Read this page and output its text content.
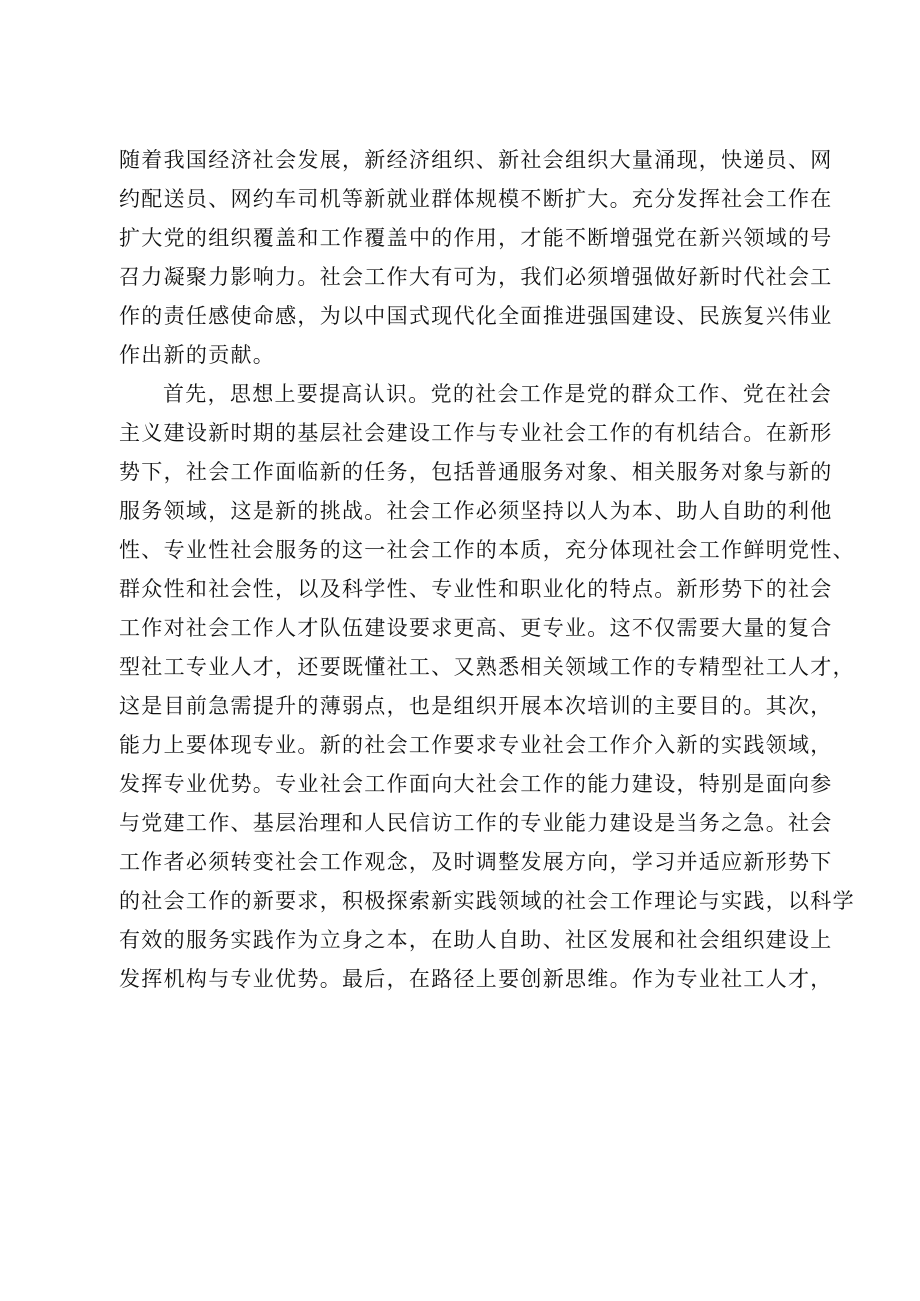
随着我国经济社会发展，新经济组织、新社会组织大量涌现，快递员、网
约配送员、网约车司机等新就业群体规模不断扩大。充分发挥社会工作在
扩大党的组织覆盖和工作覆盖中的作用，才能不断增强党在新兴领域的号
召力凝聚力影响力。社会工作大有可为，我们必须增强做好新时代社会工
作的责任感使命感，为以中国式现代化全面推进强国建设、民族复兴伟业
作出新的贡献。
首先，思想上要提高认识。党的社会工作是党的群众工作、党在社会
主义建设新时期的基层社会建设工作与专业社会工作的有机结合。在新形
势下，社会工作面临新的任务，包括普通服务对象、相关服务对象与新的
服务领域，这是新的挑战。社会工作必须坚持以人为本、助人自助的利他
性、专业性社会服务的这一社会工作的本质，充分体现社会工作鲜明党性、
群众性和社会性，以及科学性、专业性和职业化的特点。新形势下的社会
工作对社会工作人才队伍建设要求更高、更专业。这不仅需要大量的复合
型社工专业人才，还要既懂社工、又熟悉相关领域工作的专精型社工人才，
这是目前急需提升的薄弱点，也是组织开展本次培训的主要目的。其次，
能力上要体现专业。新的社会工作要求专业社会工作介入新的实践领域，
发挥专业优势。专业社会工作面向大社会工作的能力建设，特别是面向参
与党建工作、基层治理和人民信访工作的专业能力建设是当务之急。社会
工作者必须转变社会工作观念，及时调整发展方向，学习并适应新形势下
的社会工作的新要求，积极探索新实践领域的社会工作理论与实践，以科学
有效的服务实践作为立身之本，在助人自助、社区发展和社会组织建设上
发挥机构与专业优势。最后，在路径上要创新思维。作为专业社工人才，
